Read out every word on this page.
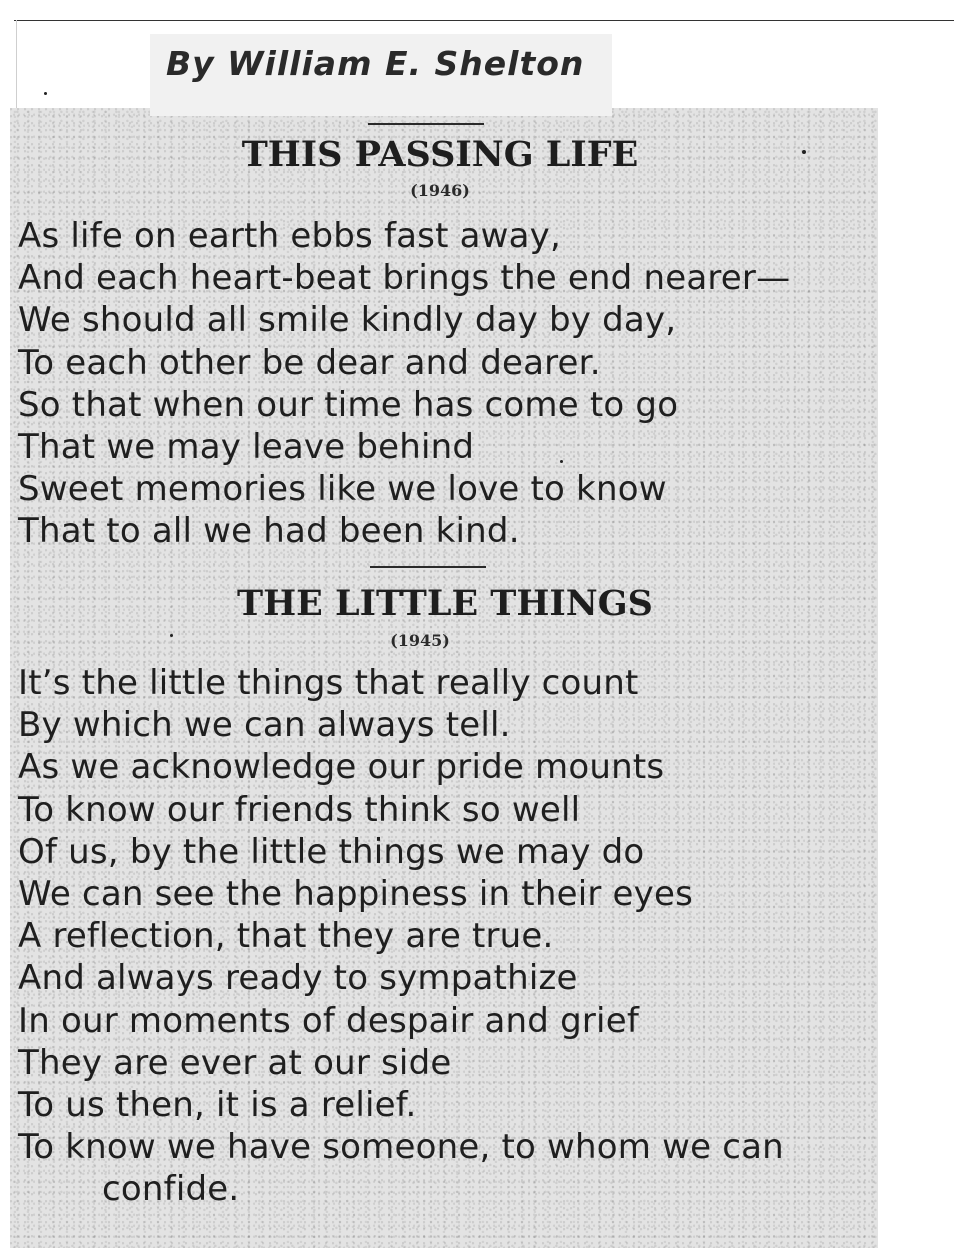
By William E. Shelton

THIS PASSING LIFE

(1946)

As life on earth ebbs fast away,
And each heart-beat brings the end nearer—
We should all smile kindly day by day,
To each other be dear and dearer.
So that when our time has come to go
That we may leave behind
Sweet memories like we love to know
That to all we had been kind.
THE LITTLE THINGS

(1945)

It’s the little things that really count
By which we can always tell.
As we acknowledge our pride mounts
To know our friends think so well
Of us, by the little things we may do
We can see the happiness in their eyes
A reflection, that they are true.
And always ready to sympathize
In our moments of despair and grief
They are ever at our side
To us then, it is a relief.
To know we have someone, to whom we can
confide.
